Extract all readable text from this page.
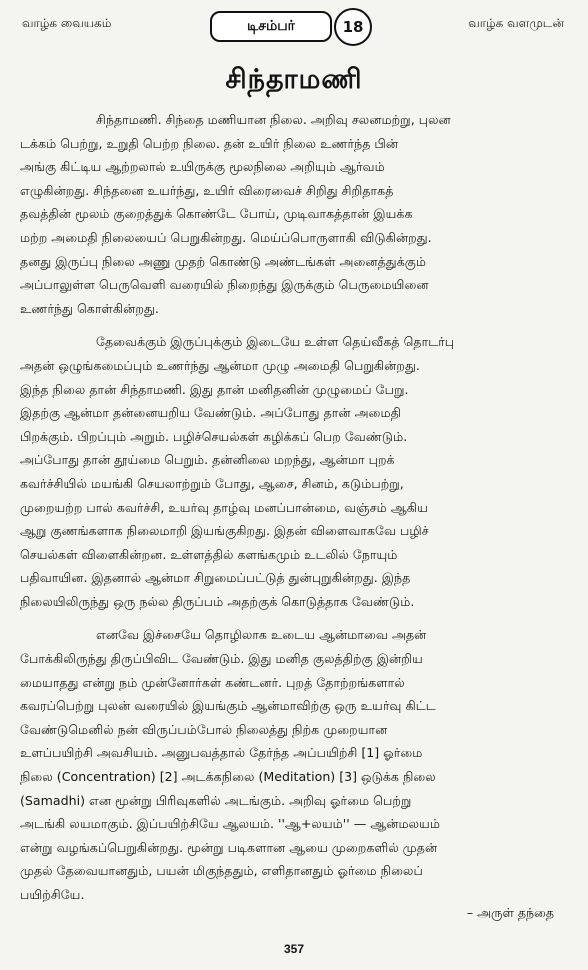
வாழ்க வையகம்	டிசம்பர்	18	வாழ்க வளமுடன்
சிந்தாமணி
சிந்தாமணி. சிந்தை மணியான நிலை. அறிவு சலனமற்று, புலன
டக்கம் பெற்று, உறுதி பெற்ற நிலை. தன் உயிர் நிலை உணர்ந்த பின்
அங்கு கிட்டிய ஆற்றலால் உயிருக்கு மூலநிலை அறியும் ஆர்வம்
எழுகின்றது. சிந்தனை உயர்ந்து, உயிர் விரைவைச் சிறிது சிறிதாகத்
தவத்தின் மூலம் குறைத்துக் கொண்டே போய், முடிவாகத்தான் இயக்க
மற்ற அமைதி நிலையைப் பெறுகின்றது. மெய்ப்பொருளாகி விடுகின்றது.
தனது இருப்பு நிலை அணு முதற் கொண்டு அண்டங்கள் அனைத்துக்கும்
அப்பாலுள்ள பெருவெளி வரையில் நிறைந்து இருக்கும் பெருமையினை
உணர்ந்து கொள்கின்றது.
தேவைக்கும் இருப்புக்கும் இடையே உள்ள தெய்வீகத் தொடர்பு
அதன் ஒழுங்கமைப்பும் உணர்ந்து ஆன்மா முழு அமைதி பெறுகின்றது.
இந்த நிலை தான் சிந்தாமணி. இது தான் மனிதனின் முழுமைப் பேறு.
இதற்கு ஆன்மா தன்னையறிய வேண்டும். அப்போது தான் அமைதி
பிறக்கும். பிறப்பும் அறும். பழிச்செயல்கள் கழிக்கப் பெற வேண்டும்.
அப்போது தான் தூய்மை பெறும். தன்னிலை மறந்து, ஆன்மா புறக்
கவர்ச்சியில் மயங்கி செயலாற்றும் போது, ஆசை, சினம், கடும்பற்று,
முறையற்ற பால் கவர்ச்சி, உயர்வு தாழ்வு மனப்பான்மை, வஞ்சம் ஆகிய
ஆறு குணங்களாக நிலைமாறி இயங்குகிறது. இதன் விளைவாகவே பழிச்
செயல்கள் விளைகின்றன. உள்ளத்தில் களங்கமும் உடலில் நோயும்
பதிவாயின. இதனால் ஆன்மா சிறுமைப்பட்டுத் துன்புறுகின்றது. இந்த
நிலையிலிருந்து ஒரு நல்ல திருப்பம் அதற்குக் கொடுத்தாக வேண்டும்.
எனவே இச்சையே தொழிலாக உடைய ஆன்மாவை அதன்
போக்கிலிருந்து திருப்பிவிட வேண்டும். இது மனித குலத்திற்கு இன்றிய
மையாதது என்று நம் முன்னோர்கள் கண்டனர். புறத் தோற்றங்களால்
கவரப்பெற்று புலன் வரையில் இயங்கும் ஆன்மாவிற்கு ஒரு உயர்வு கிட்ட
வேண்டுமெனில் நன் விருப்பம்போல் நிலைத்து நிற்க முறையான
உளப்பயிற்சி அவசியம். அனுபவத்தால் தேர்ந்த அப்பயிற்சி [1] ஓர்மை
நிலை (Concentration) [2] அடக்கநிலை (Meditation) [3] ஒடுக்க நிலை
(Samadhi) என மூன்று பிரிவுகளில் அடங்கும். அறிவு ஓர்மை பெற்று
அடங்கி லயமாகும். இப்பயிற்சியே ஆலயம். ''ஆ+லயம்'' — ஆன்மலயம்
என்று வழங்கப்பெறுகின்றது. மூன்று படிகளான ஆயை முறைகளில் முதன்
முதல் தேவையானதும், பயன் மிகுந்ததும், எளிதானதும் ஓர்மை நிலைப்
பயிற்சியே.
– அருள் தந்தை
357
